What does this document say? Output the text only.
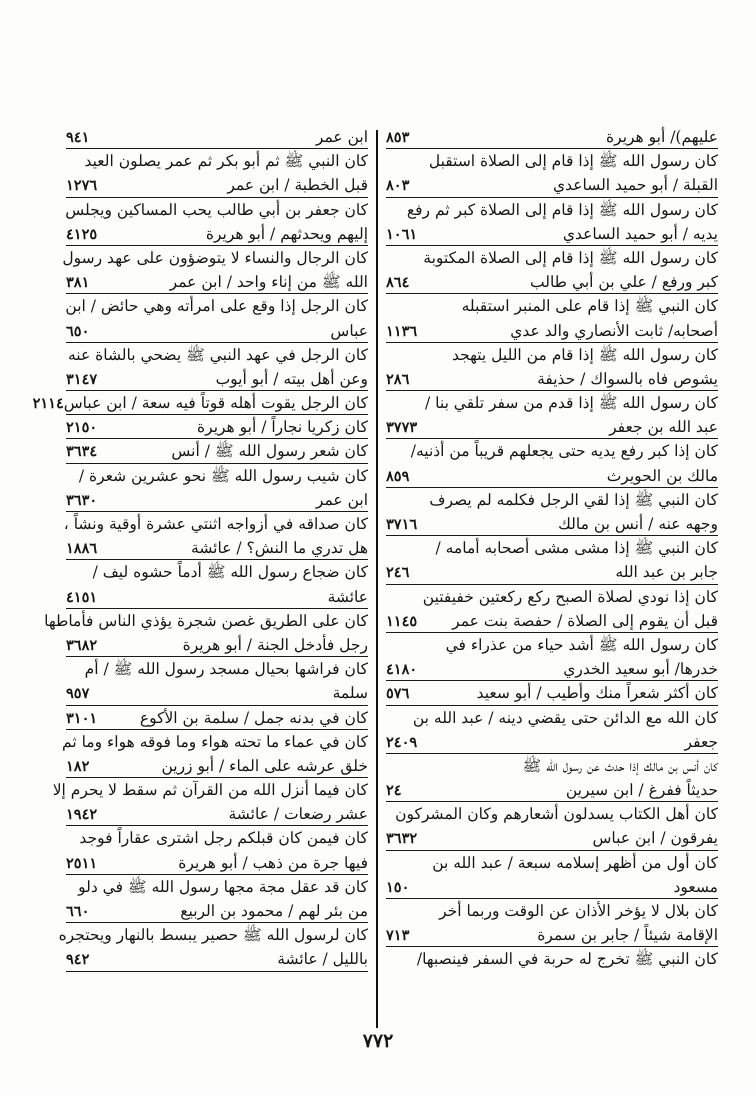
عليهم)/ أبو هريرة
٨٥٣
كان رسول الله ﷺ إذا قام إلى الصلاة استقبل
القبلة / أبو حميد الساعدي
٨٠٣
كان رسول الله ﷺ إذا قام إلى الصلاة كبر ثم رفع
يديه / أبو حميد الساعدي
١٠٦١
كان رسول الله ﷺ إذا قام إلى الصلاة المكتوبة
كبر ورفع / علي بن أبي طالب
٨٦٤
كان النبي ﷺ إذا قام على المنبر استقبله
أصحابه/ ثابت الأنصاري والد عدي
١١٣٦
كان رسول الله ﷺ إذا قام من الليل يتهجد
يشوص فاه بالسواك / حذيفة
٢٨٦
كان رسول الله ﷺ إذا قدم من سفر تلقي بنا /
عبد الله بن جعفر
٣٧٧٣
كان إذا كبر رفع يديه حتى يجعلهم قريباً من أذنيه/
مالك بن الحويرث
٨٥٩
كان النبي ﷺ إذا لقي الرجل فكلمه لم يصرف
وجهه عنه / أنس بن مالك
٣٧١٦
كان النبي ﷺ إذا مشى مشى أصحابه أمامه /
جابر بن عبد الله
٢٤٦
كان إذا نودي لصلاة الصبح ركع ركعتين خفيفتين
قبل أن يقوم إلى الصلاة / حفصة بنت عمر
١١٤٥
كان رسول الله ﷺ أشد حياء من عذراء في
خدرها/ أبو سعيد الخدري
٤١٨٠
كان أكثر شعراً منك وأطيب / أبو سعيد
٥٧٦
كان الله مع الدائن حتى يقضي دينه / عبد الله بن
جعفر
٢٤٠٩
كان أنس بن مالك إذا حدث عن رسول الله ﷺ
حديثاً ففرغ / ابن سيرين
٢٤
كان أهل الكتاب يسدلون أشعارهم وكان المشركون
يفرقون / ابن عباس
٣٦٣٢
كان أول من أظهر إسلامه سبعة / عبد الله بن
مسعود
١٥٠
كان بلال لا يؤخر الأذان عن الوقت وربما أخر
الإقامة شيئاً / جابر بن سمرة
٧١٣
كان النبي ﷺ تخرج له حربة في السفر فينصبها/
ابن عمر
٩٤١
كان النبي ﷺ ثم أبو بكر ثم عمر يصلون العيد
قبل الخطبة / ابن عمر
١٢٧٦
كان جعفر بن أبي طالب يحب المساكين ويجلس
إليهم ويحدثهم / أبو هريرة
٤١٢٥
كان الرجال والنساء لا يتوضؤون على عهد رسول
الله ﷺ من إناء واحد / ابن عمر
٣٨١
كان الرجل إذا وقع على امرأته وهي حائض / ابن
عباس
٦٥٠
كان الرجل في عهد النبي ﷺ يضحي بالشاة عنه
وعن أهل بيته / أبو أيوب
٣١٤٧
كان الرجل يقوت أهله قوتاً فيه سعة / ابن عباس
٢١١٤
كان زكريا نجاراً / أبو هريرة
٢١٥٠
كان شعر رسول الله ﷺ / أنس
٣٦٣٤
كان شيب رسول الله ﷺ نحو عشرين شعرة /
ابن عمر
٣٦٣٠
كان صداقه في أزواجه اثنتي عشرة أوقية ونشاً ،
هل تدري ما النش؟ / عائشة
١٨٨٦
كان ضجاع رسول الله ﷺ أدماً حشوه ليف /
عائشة
٤١٥١
كان على الطريق غصن شجرة يؤذي الناس فأماطها
رجل فأدخل الجنة / أبو هريرة
٣٦٨٢
كان فراشها بحيال مسجد رسول الله ﷺ / أم
سلمة
٩٥٧
كان في بدنه جمل / سلمة بن الأكوع
٣١٠١
كان في عماء ما تحته هواء وما فوقه هواء وما ثم
خلق عرشه على الماء / أبو زرين
١٨٢
كان فيما أنزل الله من القرآن ثم سقط لا يحرم إلا
عشر رضعات / عائشة
١٩٤٢
كان فيمن كان قبلكم رجل اشترى عقاراً فوجد
فيها جرة من ذهب / أبو هريرة
٢٥١١
كان قد عقل مجة مجها رسول الله ﷺ في دلو
من بئر لهم / محمود بن الربيع
٦٦٠
كان لرسول الله ﷺ حصير يبسط بالنهار ويحتجره
بالليل / عائشة
٩٤٢
٧٧٢
